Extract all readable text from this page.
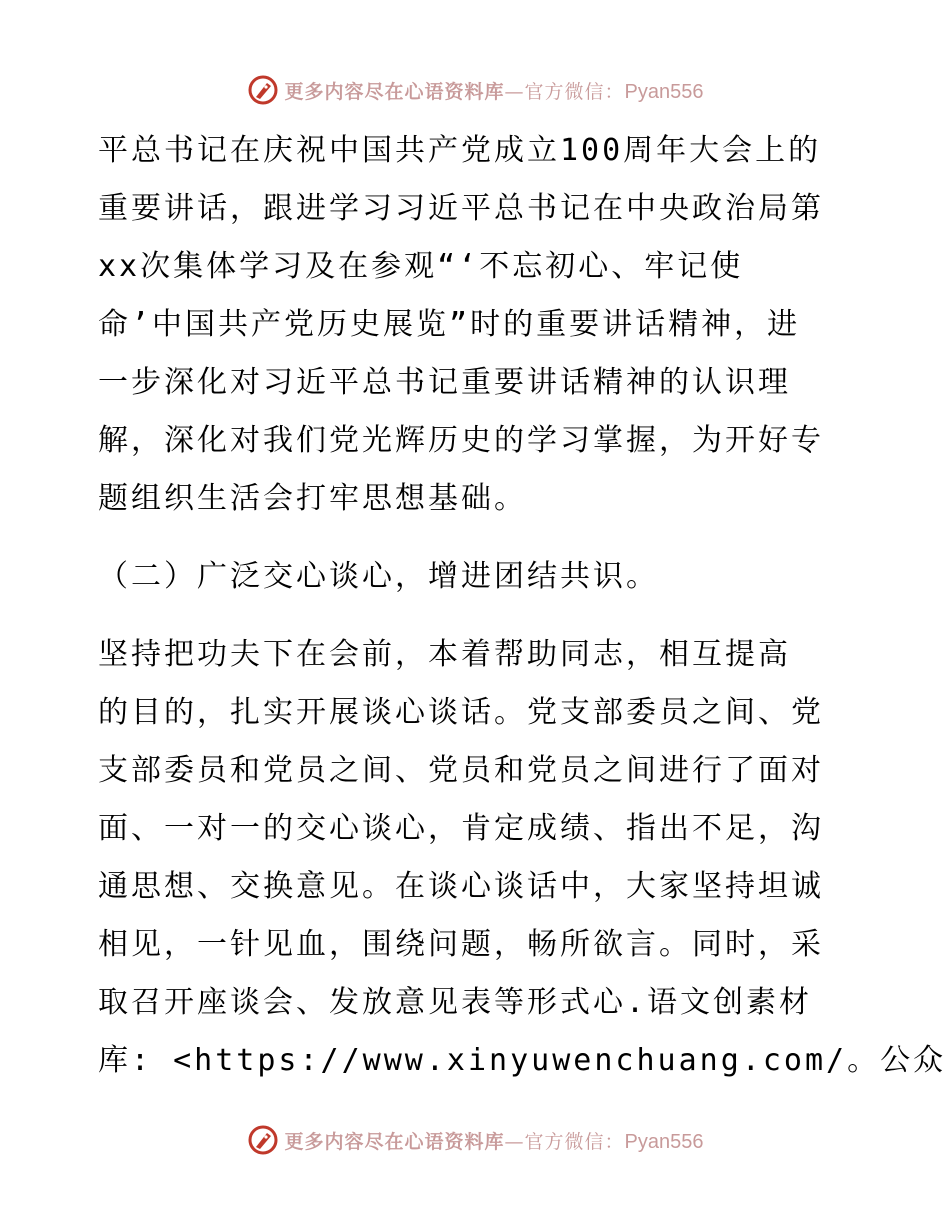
更多内容尽在心语资料库—官方微信：Pyan556
平总书记在庆祝中国共产党成立100周年大会上的
重要讲话，跟进学习习近平总书记在中央政治局第
xx次集体学习及在参观“‘不忘初心、牢记使
命’中国共产党历史展览”时的重要讲话精神，进
一步深化对习近平总书记重要讲话精神的认识理
解，深化对我们党光辉历史的学习掌握，为开好专
题组织生活会打牢思想基础。
（二）广泛交心谈心，增进团结共识。
坚持把功夫下在会前，本着帮助同志，相互提高
的目的，扎实开展谈心谈话。党支部委员之间、党
支部委员和党员之间、党员和党员之间进行了面对
面、一对一的交心谈心，肯定成绩、指出不足，沟
通思想、交换意见。在谈心谈话中，大家坚持坦诚
相见，一针见血，围绕问题，畅所欲言。同时，采
取召开座谈会、发放意见表等形式心.语文创素材
库: <https://www.xinyuwenchuang.com/。公众
更多内容尽在心语资料库—官方微信：Pyan556
